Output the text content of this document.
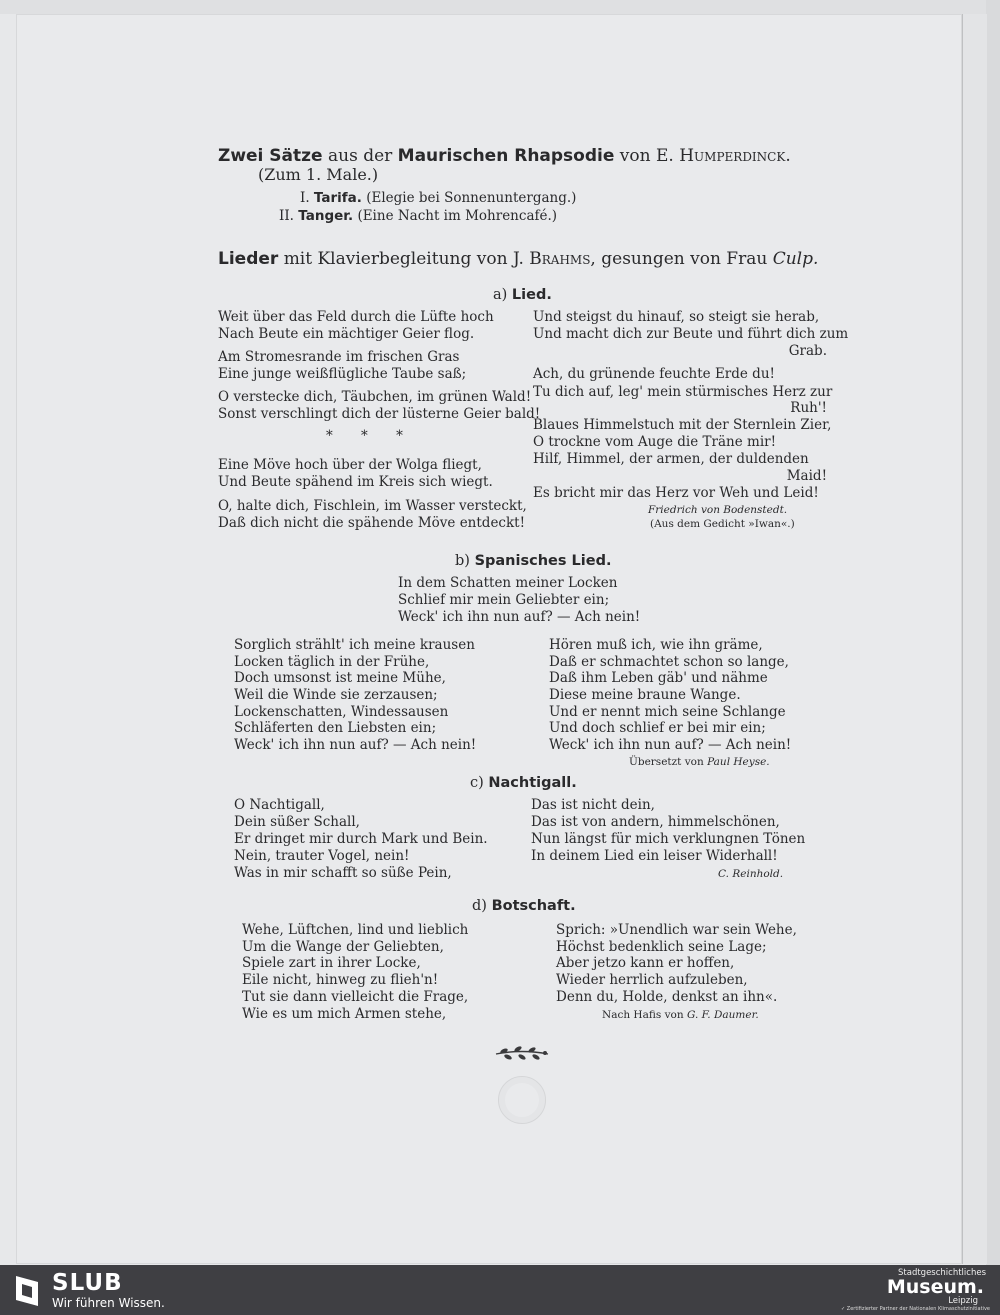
Zwei Sätze aus der Maurischen Rhapsodie von E. Humperdinck.
(Zum 1. Male.)
I. Tarifa. (Elegie bei Sonnenuntergang.)
II. Tanger. (Eine Nacht im Mohrencafé.)
Lieder mit Klavierbegleitung von J. Brahms, gesungen von Frau Culp.
a) Lied.
Weit über das Feld durch die Lüfte hoch
Nach Beute ein mächtiger Geier flog.
Am Stromesrande im frischen Gras
Eine junge weißflügliche Taube saß;
O verstecke dich, Täubchen, im grünen Wald!
Sonst verschlingt dich der lüsterne Geier bald!
* * *
Eine Möve hoch über der Wolga fliegt,
Und Beute spähend im Kreis sich wiegt.
O, halte dich, Fischlein, im Wasser versteckt,
Daß dich nicht die spähende Möve entdeckt!
Und steigst du hinauf, so steigt sie herab,
Und macht dich zur Beute und führt dich zum
Grab.
Ach, du grünende feuchte Erde du!
Tu dich auf, leg' mein stürmisches Herz zur
Ruh'!
Blaues Himmelstuch mit der Sternlein Zier,
O trockne vom Auge die Träne mir!
Hilf, Himmel, der armen, der duldenden
Maid!
Es bricht mir das Herz vor Weh und Leid!
Friedrich von Bodenstedt.
(Aus dem Gedicht »Iwan«.)
b) Spanisches Lied.
In dem Schatten meiner Locken
Schlief mir mein Geliebter ein;
Weck' ich ihn nun auf? — Ach nein!
Sorglich strählt' ich meine krausen
Locken täglich in der Frühe,
Doch umsonst ist meine Mühe,
Weil die Winde sie zerzausen;
Lockenschatten, Windessausen
Schläferten den Liebsten ein;
Weck' ich ihn nun auf? — Ach nein!
Hören muß ich, wie ihn gräme,
Daß er schmachtet schon so lange,
Daß ihm Leben gäb' und nähme
Diese meine braune Wange.
Und er nennt mich seine Schlange
Und doch schlief er bei mir ein;
Weck' ich ihn nun auf? — Ach nein!
Übersetzt von Paul Heyse.
c) Nachtigall.
O Nachtigall,
Dein süßer Schall,
Er dringet mir durch Mark und Bein.
Nein, trauter Vogel, nein!
Was in mir schafft so süße Pein,
Das ist nicht dein,
Das ist von andern, himmelschönen,
Nun längst für mich verklungnen Tönen
In deinem Lied ein leiser Widerhall!
C. Reinhold.
d) Botschaft.
Wehe, Lüftchen, lind und lieblich
Um die Wange der Geliebten,
Spiele zart in ihrer Locke,
Eile nicht, hinweg zu flieh'n!
Tut sie dann vielleicht die Frage,
Wie es um mich Armen stehe,
Sprich: »Unendlich war sein Wehe,
Höchst bedenklich seine Lage;
Aber jetzo kann er hoffen,
Wieder herrlich aufzuleben,
Denn du, Holde, denkst an ihn«.
Nach Hafis von G. F. Daumer.
SLUB
Wir führen Wissen.
Stadtgeschichtliches
Museum.
Leipzig
✓ Zertifizierter Partner der Nationalen Klimaschutzinitiative
